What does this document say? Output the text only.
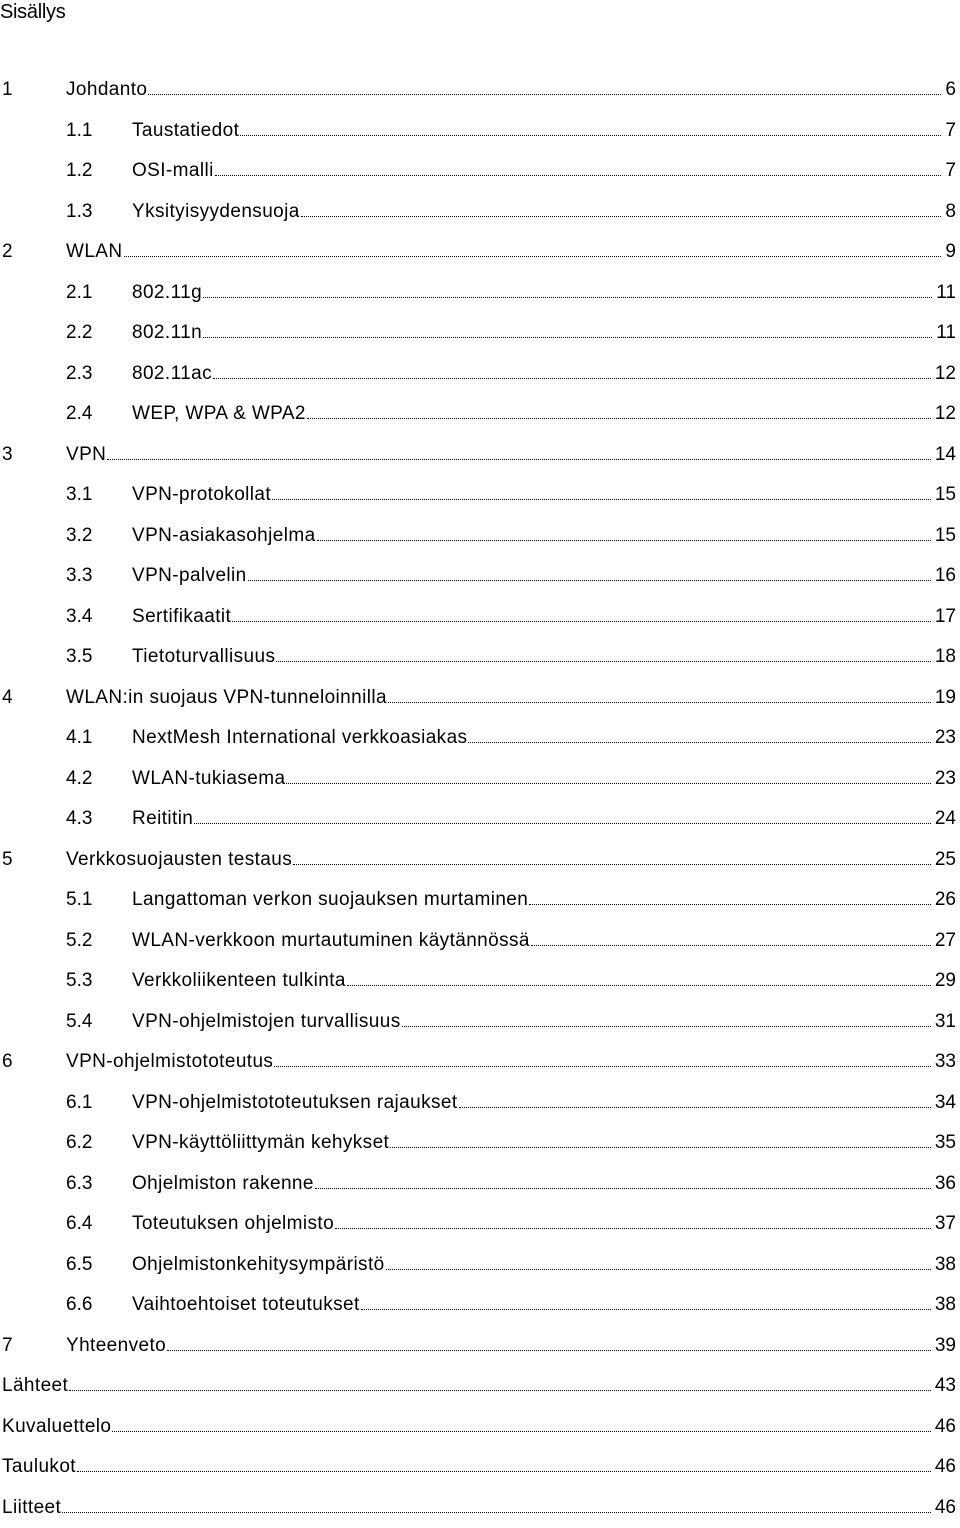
Sisällys
1	Johdanto	6
1.1 Taustatiedot	7
1.2 OSI-malli	7
1.3 Yksityisyydensuoja	8
2	WLAN	9
2.1 802.11g	11
2.2 802.11n	11
2.3 802.11ac	12
2.4 WEP, WPA & WPA2	12
3	VPN	14
3.1 VPN-protokollat	15
3.2 VPN-asiakasohjelma	15
3.3 VPN-palvelin	16
3.4 Sertifikaatit	17
3.5 Tietoturvallisuus	18
4	WLAN:in suojaus VPN-tunneloinnilla	19
4.1 NextMesh International verkkoasiakas	23
4.2 WLAN-tukiasema	23
4.3 Reititin	24
5	Verkkosuojausten testaus	25
5.1 Langattoman verkon suojauksen murtaminen	26
5.2 WLAN-verkkoon murtautuminen käytännössä	27
5.3 Verkkoliikenteen tulkinta	29
5.4 VPN-ohjelmistojen turvallisuus	31
6	VPN-ohjelmistototeutus	33
6.1 VPN-ohjelmistototeutuksen rajaukset	34
6.2 VPN-käyttöliittymän kehykset	35
6.3 Ohjelmiston rakenne	36
6.4 Toteutuksen ohjelmisto	37
6.5 Ohjelmistonkehitysympäristö	38
6.6 Vaihtoehtoiset toteutukset	38
7	Yhteenveto	39
Lähteet	43
Kuvaluettelo	46
Taulukot	46
Liitteet	46
